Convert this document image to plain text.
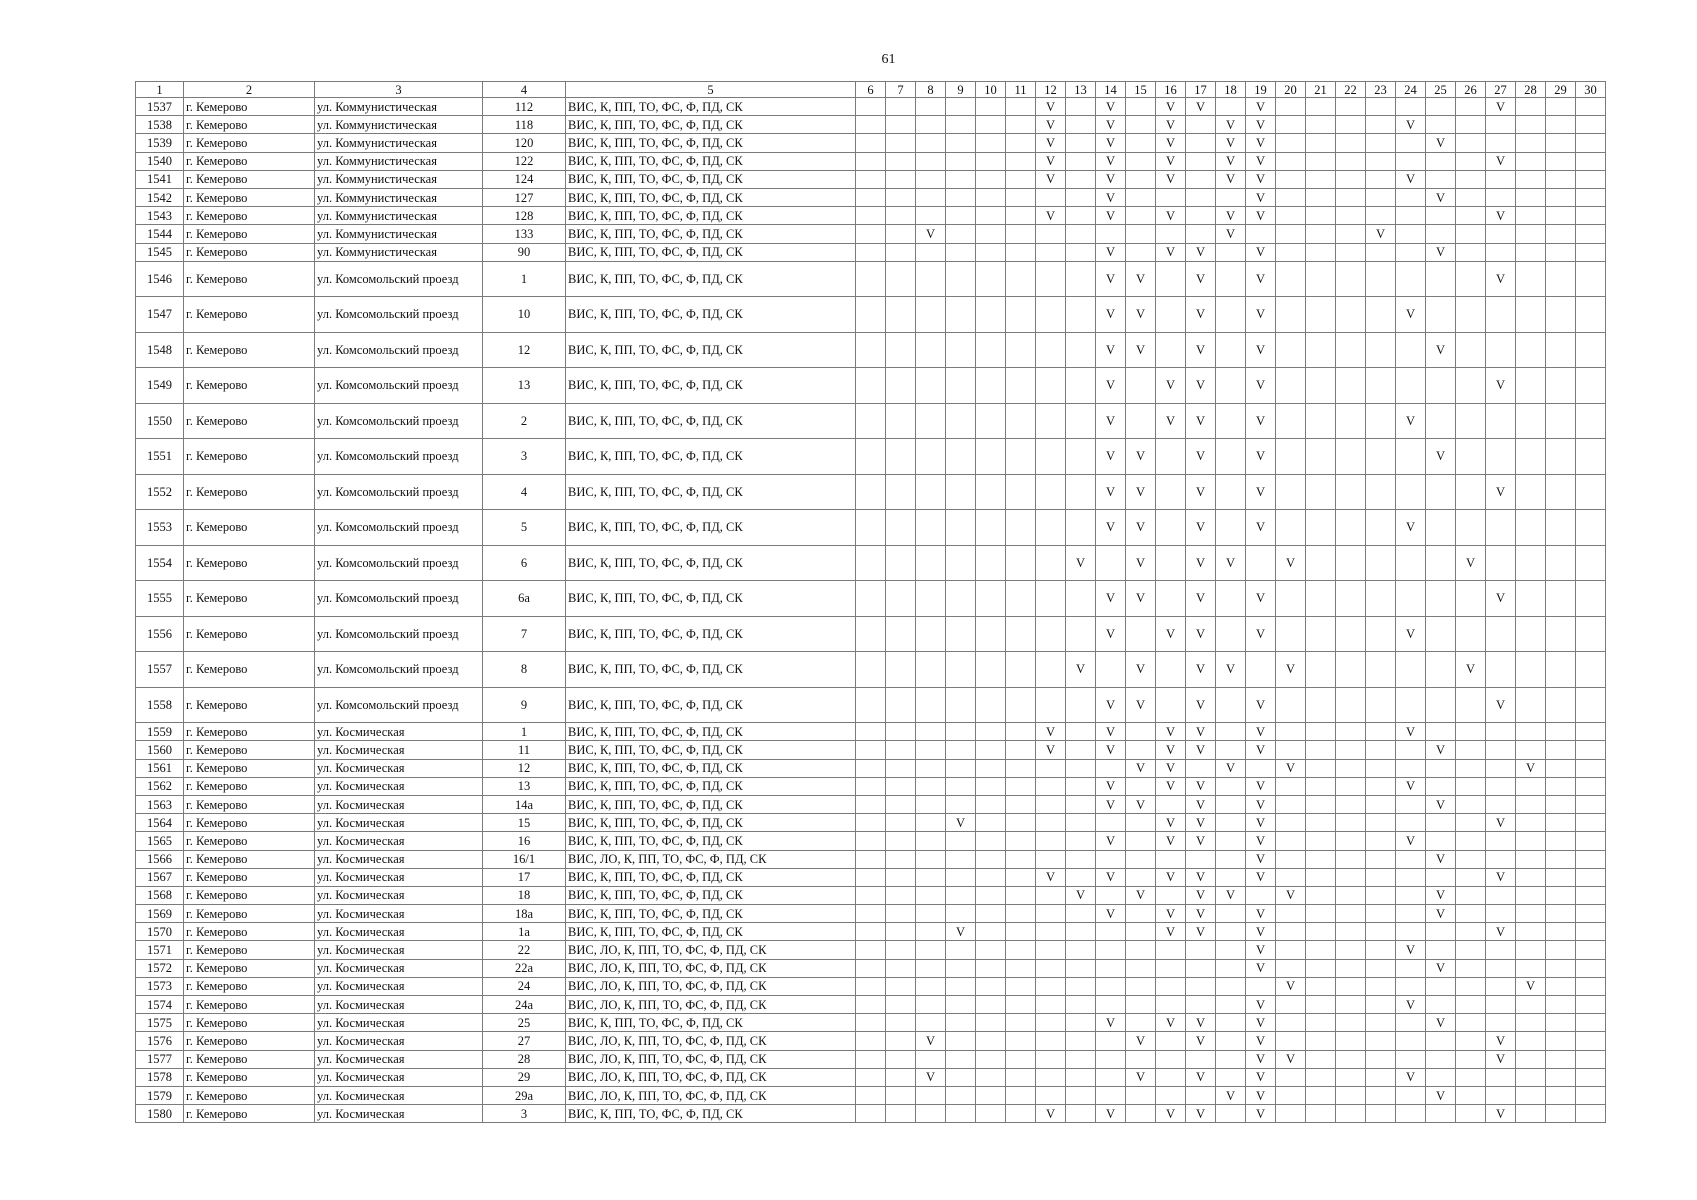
61
1	2	3	4	5	6	7	8	9	10	11	12	13	14	15	16	17	18	19	20	21	22	23	24	25	26	27	28	29	30
1537	г. Кемерово	ул. Коммунистическая	112	ВИС, К, ПП, ТО, ФС, Ф, ПД, СК							V		V		V	V		V								V			
1538	г. Кемерово	ул. Коммунистическая	118	ВИС, К, ПП, ТО, ФС, Ф, ПД, СК							V		V		V		V	V					V						
1539	г. Кемерово	ул. Коммунистическая	120	ВИС, К, ПП, ТО, ФС, Ф, ПД, СК							V		V		V		V	V						V					
1540	г. Кемерово	ул. Коммунистическая	122	ВИС, К, ПП, ТО, ФС, Ф, ПД, СК							V		V		V		V	V								V			
1541	г. Кемерово	ул. Коммунистическая	124	ВИС, К, ПП, ТО, ФС, Ф, ПД, СК							V		V		V		V	V					V						
1542	г. Кемерово	ул. Коммунистическая	127	ВИС, К, ПП, ТО, ФС, Ф, ПД, СК									V					V						V					
1543	г. Кемерово	ул. Коммунистическая	128	ВИС, К, ПП, ТО, ФС, Ф, ПД, СК							V		V		V		V	V								V			
1544	г. Кемерово	ул. Коммунистическая	133	ВИС, К, ПП, ТО, ФС, Ф, ПД, СК			V										V					V							
1545	г. Кемерово	ул. Коммунистическая	90	ВИС, К, ПП, ТО, ФС, Ф, ПД, СК									V		V	V		V						V					
1546	г. Кемерово	ул. Комсомольский проезд	1	ВИС, К, ПП, ТО, ФС, Ф, ПД, СК									V	V		V		V								V			
1547	г. Кемерово	ул. Комсомольский проезд	10	ВИС, К, ПП, ТО, ФС, Ф, ПД, СК									V	V		V		V					V						
1548	г. Кемерово	ул. Комсомольский проезд	12	ВИС, К, ПП, ТО, ФС, Ф, ПД, СК									V	V		V		V						V					
1549	г. Кемерово	ул. Комсомольский проезд	13	ВИС, К, ПП, ТО, ФС, Ф, ПД, СК									V		V	V		V								V			
1550	г. Кемерово	ул. Комсомольский проезд	2	ВИС, К, ПП, ТО, ФС, Ф, ПД, СК									V		V	V		V					V						
1551	г. Кемерово	ул. Комсомольский проезд	3	ВИС, К, ПП, ТО, ФС, Ф, ПД, СК									V	V		V		V						V					
1552	г. Кемерово	ул. Комсомольский проезд	4	ВИС, К, ПП, ТО, ФС, Ф, ПД, СК									V	V		V		V								V			
1553	г. Кемерово	ул. Комсомольский проезд	5	ВИС, К, ПП, ТО, ФС, Ф, ПД, СК									V	V		V		V					V						
1554	г. Кемерово	ул. Комсомольский проезд	6	ВИС, К, ПП, ТО, ФС, Ф, ПД, СК								V		V		V	V		V						V				
1555	г. Кемерово	ул. Комсомольский проезд	6а	ВИС, К, ПП, ТО, ФС, Ф, ПД, СК									V	V		V		V								V			
1556	г. Кемерово	ул. Комсомольский проезд	7	ВИС, К, ПП, ТО, ФС, Ф, ПД, СК									V		V	V		V					V						
1557	г. Кемерово	ул. Комсомольский проезд	8	ВИС, К, ПП, ТО, ФС, Ф, ПД, СК								V		V		V	V		V						V				
1558	г. Кемерово	ул. Комсомольский проезд	9	ВИС, К, ПП, ТО, ФС, Ф, ПД, СК									V	V		V		V								V			
1559	г. Кемерово	ул. Космическая	1	ВИС, К, ПП, ТО, ФС, Ф, ПД, СК							V		V		V	V		V					V						
1560	г. Кемерово	ул. Космическая	11	ВИС, К, ПП, ТО, ФС, Ф, ПД, СК							V		V		V	V		V						V					
1561	г. Кемерово	ул. Космическая	12	ВИС, К, ПП, ТО, ФС, Ф, ПД, СК										V	V		V		V								V		
1562	г. Кемерово	ул. Космическая	13	ВИС, К, ПП, ТО, ФС, Ф, ПД, СК									V		V	V		V					V						
1563	г. Кемерово	ул. Космическая	14а	ВИС, К, ПП, ТО, ФС, Ф, ПД, СК									V	V		V		V						V					
1564	г. Кемерово	ул. Космическая	15	ВИС, К, ПП, ТО, ФС, Ф, ПД, СК				V							V	V		V								V			
1565	г. Кемерово	ул. Космическая	16	ВИС, К, ПП, ТО, ФС, Ф, ПД, СК									V		V	V		V					V						
1566	г. Кемерово	ул. Космическая	16/1	ВИС, ЛО, К, ПП, ТО, ФС, Ф, ПД, СК														V						V					
1567	г. Кемерово	ул. Космическая	17	ВИС, К, ПП, ТО, ФС, Ф, ПД, СК							V		V		V	V		V								V			
1568	г. Кемерово	ул. Космическая	18	ВИС, К, ПП, ТО, ФС, Ф, ПД, СК								V		V		V	V		V					V					
1569	г. Кемерово	ул. Космическая	18а	ВИС, К, ПП, ТО, ФС, Ф, ПД, СК									V		V	V		V						V					
1570	г. Кемерово	ул. Космическая	1а	ВИС, К, ПП, ТО, ФС, Ф, ПД, СК				V							V	V		V								V			
1571	г. Кемерово	ул. Космическая	22	ВИС, ЛО, К, ПП, ТО, ФС, Ф, ПД, СК														V					V						
1572	г. Кемерово	ул. Космическая	22а	ВИС, ЛО, К, ПП, ТО, ФС, Ф, ПД, СК														V						V					
1573	г. Кемерово	ул. Космическая	24	ВИС, ЛО, К, ПП, ТО, ФС, Ф, ПД, СК															V								V		
1574	г. Кемерово	ул. Космическая	24а	ВИС, ЛО, К, ПП, ТО, ФС, Ф, ПД, СК														V					V						
1575	г. Кемерово	ул. Космическая	25	ВИС, К, ПП, ТО, ФС, Ф, ПД, СК									V		V	V		V						V					
1576	г. Кемерово	ул. Космическая	27	ВИС, ЛО, К, ПП, ТО, ФС, Ф, ПД, СК			V							V		V		V								V			
1577	г. Кемерово	ул. Космическая	28	ВИС, ЛО, К, ПП, ТО, ФС, Ф, ПД, СК														V	V							V			
1578	г. Кемерово	ул. Космическая	29	ВИС, ЛО, К, ПП, ТО, ФС, Ф, ПД, СК			V							V		V		V					V						
1579	г. Кемерово	ул. Космическая	29а	ВИС, ЛО, К, ПП, ТО, ФС, Ф, ПД, СК													V	V						V					
1580	г. Кемерово	ул. Космическая	3	ВИС, К, ПП, ТО, ФС, Ф, ПД, СК							V		V		V	V		V								V			
